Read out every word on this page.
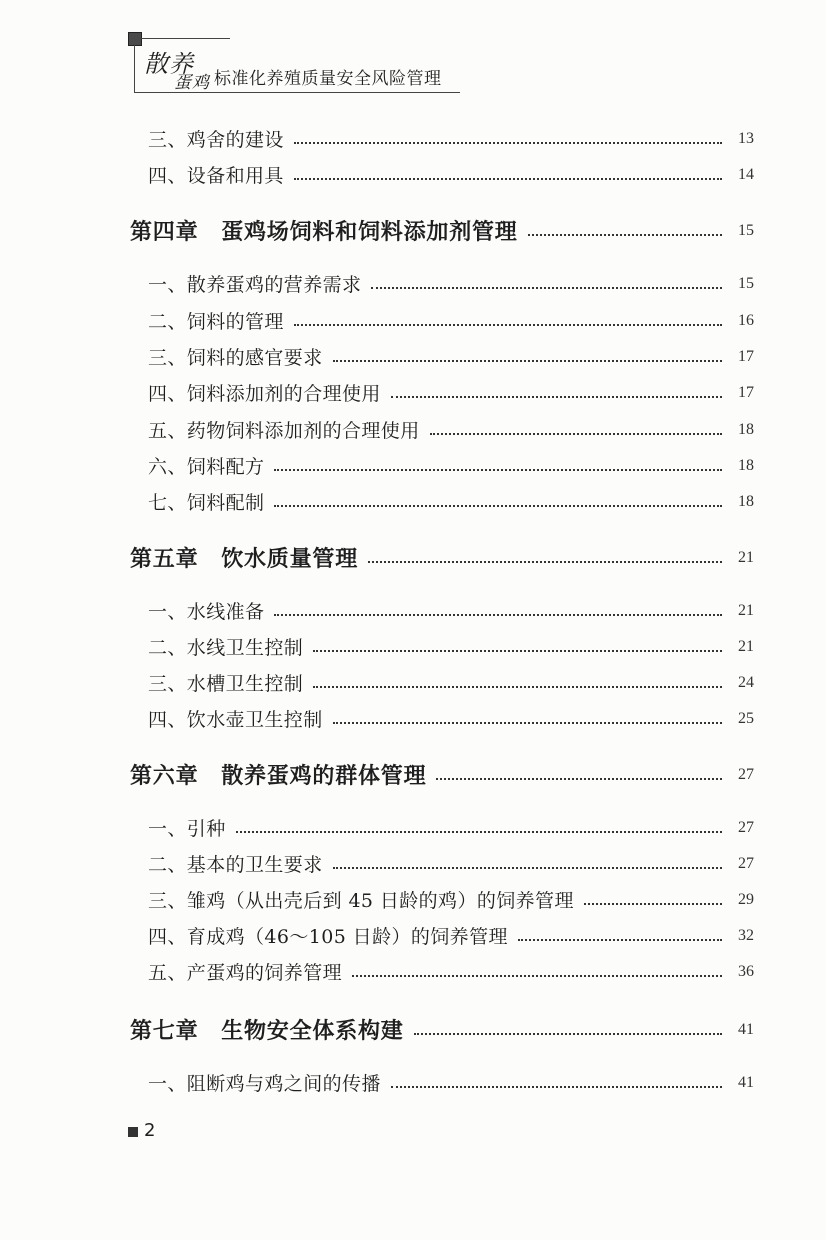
散养
蛋鸡 标准化养殖质量安全风险管理
三、鸡舍的建设	13
四、设备和用具	14
第四章　蛋鸡场饲料和饲料添加剂管理	15
一、散养蛋鸡的营养需求	15
二、饲料的管理	16
三、饲料的感官要求	17
四、饲料添加剂的合理使用	17
五、药物饲料添加剂的合理使用	18
六、饲料配方	18
七、饲料配制	18
第五章　饮水质量管理	21
一、水线准备	21
二、水线卫生控制	21
三、水槽卫生控制	24
四、饮水壶卫生控制	25
第六章　散养蛋鸡的群体管理	27
一、引种	27
二、基本的卫生要求	27
三、雏鸡（从出壳后到 45 日龄的鸡）的饲养管理	29
四、育成鸡（46～105 日龄）的饲养管理	32
五、产蛋鸡的饲养管理	36
第七章　生物安全体系构建	41
一、阻断鸡与鸡之间的传播	41
2
